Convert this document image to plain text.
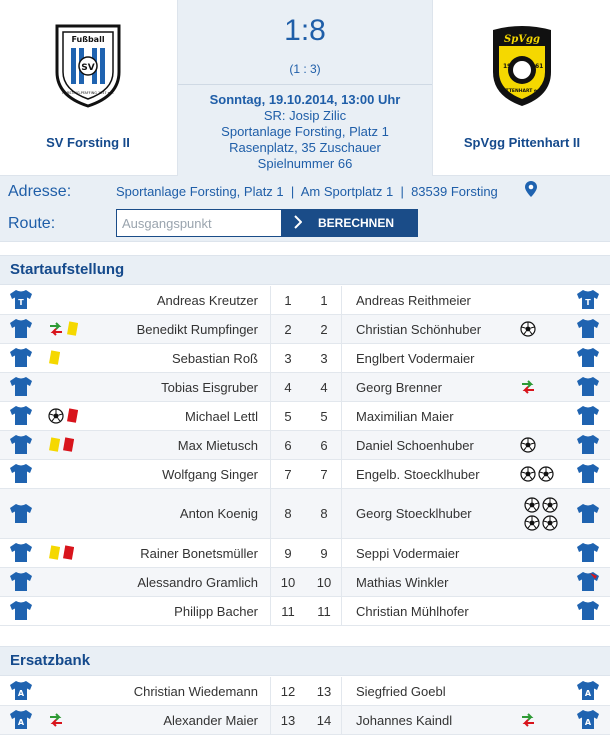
Fußball
SV
FORSTING-PFAFFING 1957 e.V.
SV Forsting II
1:8
(1 : 3)
Sonntag, 19.10.2014, 13:00 Uhr
SR: Josip Zilic
Sportanlage Forsting, Platz 1
Rasenplatz, 35 Zuschauer
Spielnummer 66
SpVgg
19	61
PITTENHART e.V.
SpVgg Pittenhart II
Adresse:	Sportanlage Forsting, Platz 1  |  Am Sportplatz 1  |  83539 Forsting
Route:
Ausgangspunkt	BERECHNEN
Startaufstellung
T	Andreas Kreutzer	1	1	Andreas Reithmeier	T
Benedikt Rumpfinger	2	2	Christian Schönhuber
Sebastian Roß	3	3	Englbert Vodermaier
Tobias Eisgruber	4	4	Georg Brenner
Michael Lettl	5	5	Maximilian Maier
Max Mietusch	6	6	Daniel Schoenhuber
Wolfgang Singer	7	7	Engelb. Stoecklhuber
Anton Koenig	8	8	Georg Stoecklhuber
Rainer Bonetsmüller	9	9	Seppi Vodermaier
Alessandro Gramlich	10	10	Mathias Winkler
Philipp Bacher	11	11	Christian Mühlhofer
Ersatzbank
A	Christian Wiedemann	12	13	Siegfried Goebl	A
A	Alexander Maier	13	14	Johannes Kaindl	A
